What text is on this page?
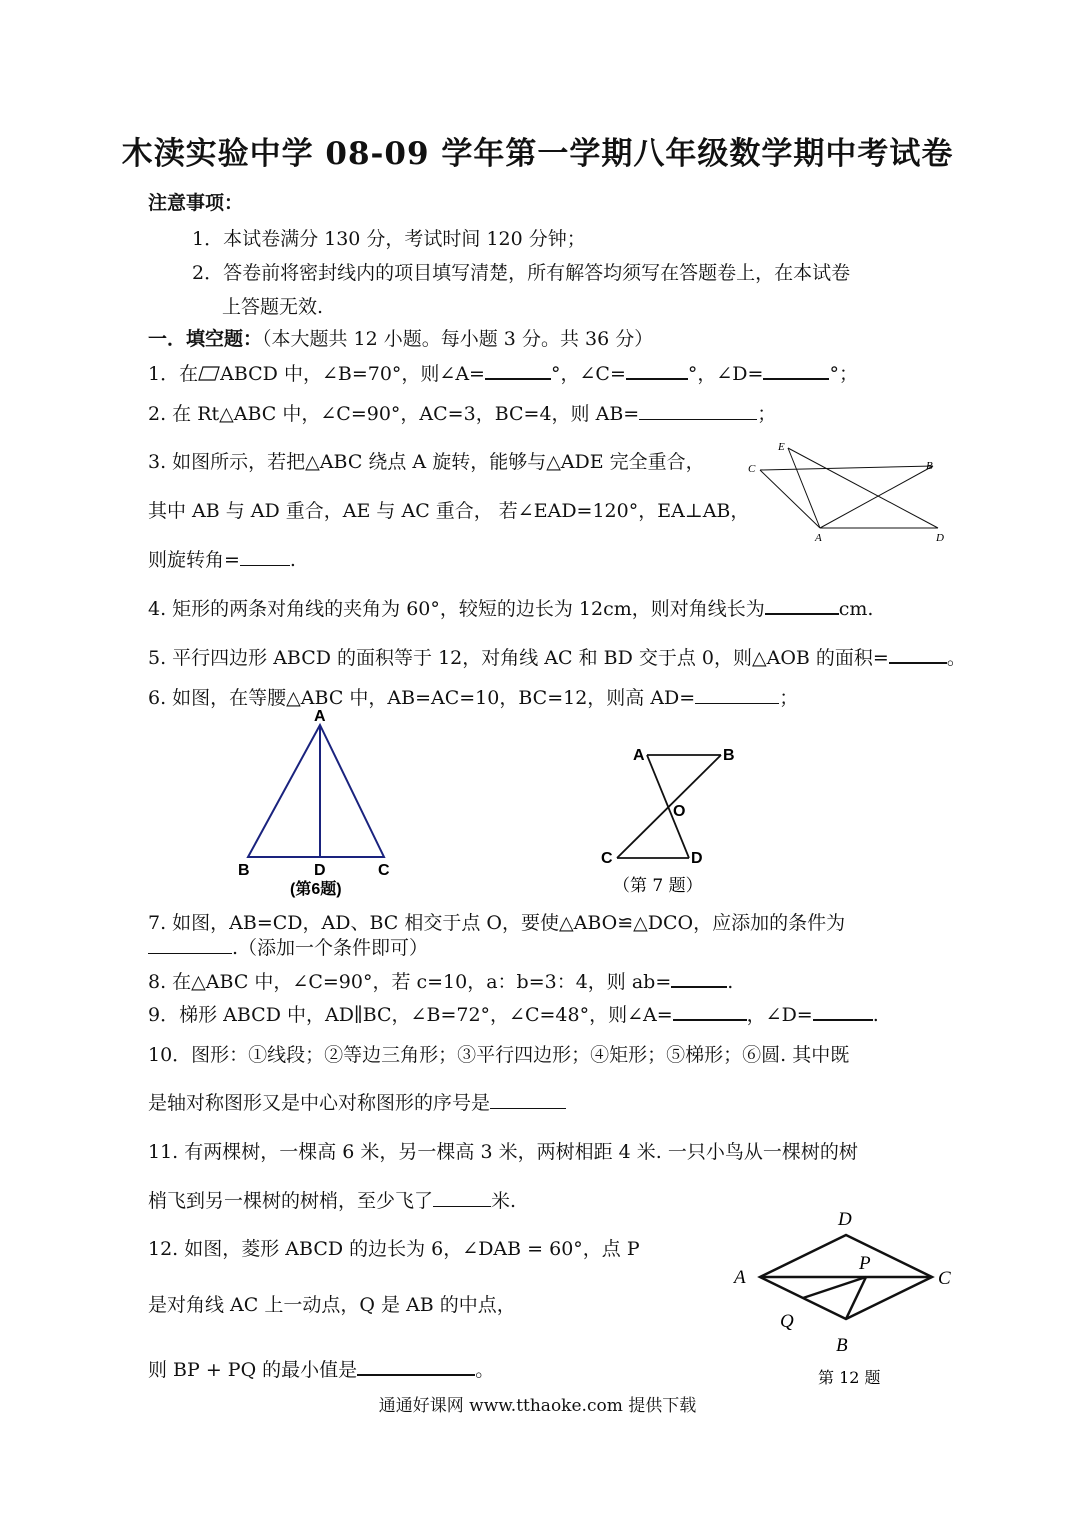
木渎实验中学 08-09 学年第一学期八年级数学期中考试卷
注意事项：
1．本试卷满分 130 分，考试时间 120 分钟；
2．答卷前将密封线内的项目填写清楚，所有解答均须写在答题卷上，在本试卷
上答题无效.
一．填空题：（本大题共 12 小题。每小题 3 分。共 36 分）
1．在 ABCD 中，∠B=70°，则∠A=	°，∠C=	°，∠D=	°；
2. 在 Rt△ABC 中，∠C=90°，AC=3，BC=4，则 AB=	；
3. 如图所示，若把△ABC 绕点 A 旋转，能够与△ADE 完全重合，
其中 AB 与 AD 重合，AE 与 AC 重合， 若∠EAD=120°，EA⊥AB，
则旋转角=	.
E
C	B
A	D
4. 矩形的两条对角线的夹角为 60°，较短的边长为 12cm，则对角线长为	cm.
5. 平行四边形 ABCD 的面积等于 12，对角线 AC 和 BD 交于点 0，则△AOB 的面积=	。
6. 如图，在等腰△ABC 中，AB=AC=10，BC=12，则高 AD=	；
A
B	D	C
(第6题)
A	B
O
C	D
（第 7 题）
7. 如图，AB=CD，AD、BC 相交于点 O，要使△ABO≌△DCO，应添加的条件为
.（添加一个条件即可）
8. 在△ABC 中，∠C=90°，若 c=10，a：b=3：4，则 ab=	.
9．梯形 ABCD 中，AD∥BC，∠B=72°，∠C=48°，则∠A=	，∠D=	.
10．图形：①线段；②等边三角形；③平行四边形；④矩形；⑤梯形；⑥圆. 其中既
是轴对称图形又是中心对称图形的序号是
11. 有两棵树，一棵高 6 米，另一棵高 3 米，两树相距 4 米. 一只小鸟从一棵树的树
梢飞到另一棵树的树梢，至少飞了	米.
12. 如图，菱形 ABCD 的边长为 6，∠DAB = 60°，点 P
是对角线 AC 上一动点，Q 是 AB 的中点，
则 BP + PQ 的最小值是	。
D
A
P
C
Q
B
第 12 题
通通好课网 www.tthaoke.com 提供下载
